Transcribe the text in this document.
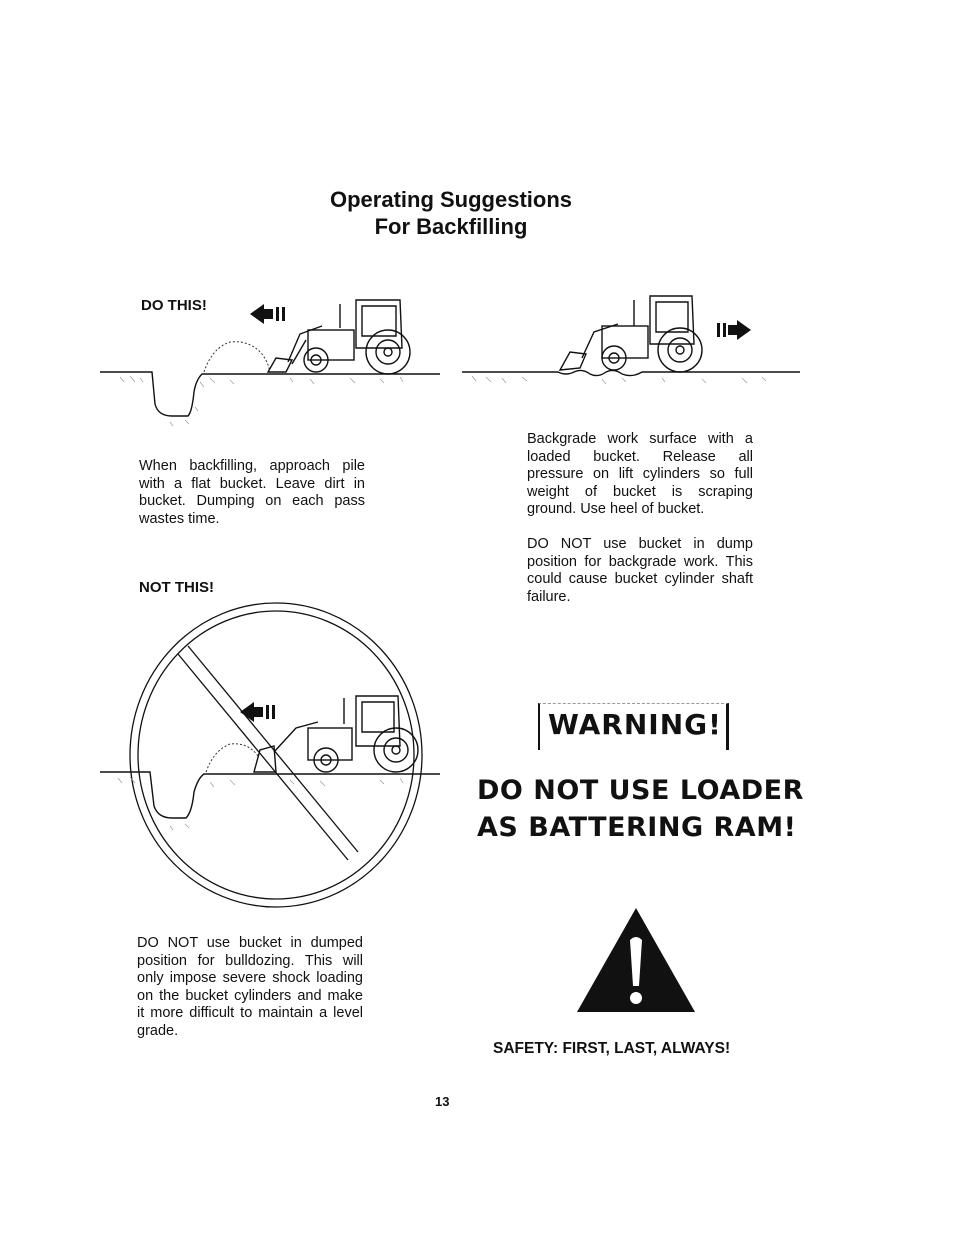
Operating Suggestions
For Backfilling
DO THIS!
When backfilling, approach pile with a flat bucket. Leave dirt in bucket. Dumping on each pass wastes time.
Backgrade work surface with a loaded bucket. Release all pressure on lift cylinders so full weight of bucket is scraping ground. Use heel of bucket.
DO NOT use bucket in dump position for backgrade work. This could cause bucket cylinder shaft failure.
NOT THIS!
DO NOT use bucket in dumped position for bulldozing. This will only impose severe shock loading on the bucket cylinders and make it more difficult to maintain a level grade.
WARNING!
DO NOT USE LOADER
AS BATTERING RAM!
SAFETY: FIRST, LAST, ALWAYS!
13
